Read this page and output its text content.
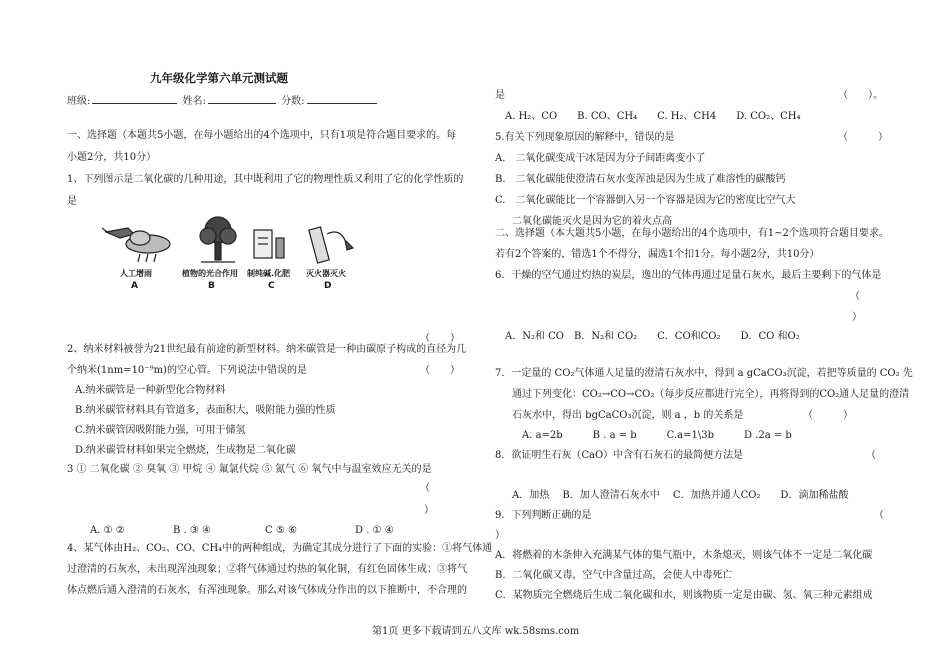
九年级化学第六单元测试题
班级:	姓名:	分数:
一、选择题（本题共5小题，在每小题给出的4个选项中，只有1项是符合题目要求的。每
小题2分，共10分）
1、下列图示是二氧化碳的几种用途，其中既利用了它的物理性质又利用了它的化学性质的
是
人工增雨	植物的光合作用 制纯碱.化肥 灭火器灭火
A	B	C	D
（　　）
2、纳米材料被誉为21世纪最有前途的新型材料。纳米碳管是一种由碳原子构成的直径为几
个纳米(1nm=10⁻⁹m)的空心管。下列说法中错误的是	（　　）
A.纳米碳管是一种新型化合物材料
B.纳米碳管材料具有管道多，表面积大，吸附能力强的性质
C.纳米碳管因吸附能力强，可用于储氢
D.纳米碳管材料如果完全燃烧，生成物是二氧化碳
3 ① 二氧化碳 ② 臭氧 ③ 甲烷 ④ 氟氯代烷 ⑤ 氮气 ⑥ 氧气中与温室效应无关的是
（
）
A. ① ②	B . ③ ④	C ⑤ ⑥	D . ① ④
4、某气体由H₂、CO₂、CO、CH₄中的两种组成，为确定其成分进行了下面的实验：①将气体通
过澄清的石灰水，未出现浑浊现象；②将气体通过灼热的氧化铜，有红色固体生成；③将气
体点燃后通入澄清的石灰水，有浑浊现象。那么对该气体成分作出的以下推断中，不合理的
是	（　　）。
A. H₂、CO　　B. CO、CH₄　　C. H₂、CH4　　D. CO₂、CH₄
5.有关下列现象原因的解释中，错误的是	（　　　）
A.　二氧化碳变成干冰是因为分子间距离变小了
B.　二氧化碳能使澄清石灰水变浑浊是因为生成了难溶性的碳酸钙
C.　二氧化碳能比一个容器倒入另一个容器是因为它的密度比空气大
二氧化碳能灭火是因为它的着火点高
二、选择题（本大题共5小题，在每小题给出的4个选项中，有1~2个选项符合题目要求。
若有2个答案的，错选1个不得分，漏选1个扣1分。每小题2分，共10分）
6．干燥的空气通过灼热的炭层，逸出的气体再通过足量石灰水，最后主要剩下的气体是
（
）
A．N₂和 CO　B．N₂和 CO₂　　C．CO和CO₂　　D．CO 和O₂
7．一定量的 CO₂气体通人足量的澄清石灰水中，得到 a gCaCO₃沉淀，若把等质量的 CO₂ 先
通过下列变化：CO₂→CO→CO₂（每步反应都进行完全），再将得到的CO₂通人足量的澄清
石灰水中，得出 bgCaCO₃沉淀，则 a ，b 的关系是	（　　　）
A. a=2b　　　B . a = b　　　C.a=1\3b　　　D .2a = b
8．欲证明生石灰（CaO）中含有石灰石的最简便方法是	（
A．加热　 B．加人澄清石灰水中　 C．加热并通人CO₂　　D．滴加稀盐酸
9．下列判断正确的是	（
）
A．将燃着的木条伸入充满某气体的集气瓶中，木条熄灭，则该气体不一定是二氧化碳
B．二氧化碳又毒，空气中含量过高，会使人中毒死亡
C．某物质完全燃烧后生成二氧化碳和水，则该物质一定是由碳、氢、氧三种元素组成
第1页 更多下载请到五八文库 wk.58sms.com
